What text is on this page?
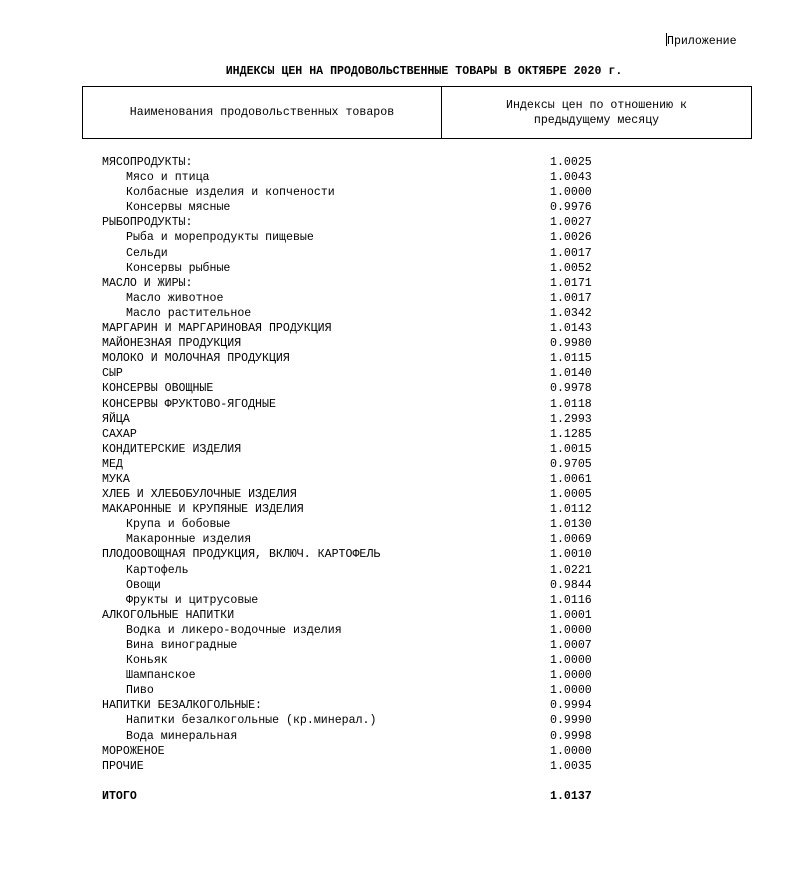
Приложение
ИНДЕКСЫ ЦЕН НА ПРОДОВОЛЬСТВЕННЫЕ ТОВАРЫ В ОКТЯБРЕ 2020 г.
Наименования продовольственных товаров
Индексы цен по отношению к предыдущему месяцу
МЯСОПРОДУКТЫ:	1.0025
Мясо и птица	1.0043
Колбасные изделия и копчености	1.0000
Консервы мясные	0.9976
РЫБОПРОДУКТЫ:	1.0027
Рыба и морепродукты пищевые	1.0026
Сельди	1.0017
Консервы рыбные	1.0052
МАСЛО И ЖИРЫ:	1.0171
Масло животное	1.0017
Масло растительное	1.0342
МАРГАРИН И МАРГАРИНОВАЯ ПРОДУКЦИЯ	1.0143
МАЙОНЕЗНАЯ ПРОДУКЦИЯ	0.9980
МОЛОКО И МОЛОЧНАЯ ПРОДУКЦИЯ	1.0115
СЫР	1.0140
КОНСЕРВЫ ОВОЩНЫЕ	0.9978
КОНСЕРВЫ ФРУКТОВО-ЯГОДНЫЕ	1.0118
ЯЙЦА	1.2993
САХАР	1.1285
КОНДИТЕРСКИЕ ИЗДЕЛИЯ	1.0015
МЕД	0.9705
МУКА	1.0061
ХЛЕБ И ХЛЕБОБУЛОЧНЫЕ ИЗДЕЛИЯ	1.0005
МАКАРОННЫЕ И КРУПЯНЫЕ ИЗДЕЛИЯ	1.0112
Крупа и бобовые	1.0130
Макаронные изделия	1.0069
ПЛОДООВОЩНАЯ ПРОДУКЦИЯ, ВКЛЮЧ. КАРТОФЕЛЬ	1.0010
Картофель	1.0221
Овощи	0.9844
Фрукты и цитрусовые	1.0116
АЛКОГОЛЬНЫЕ НАПИТКИ	1.0001
Водка и ликеро-водочные изделия	1.0000
Вина виноградные	1.0007
Коньяк	1.0000
Шампанское	1.0000
Пиво	1.0000
НАПИТКИ БЕЗАЛКОГОЛЬНЫЕ:	0.9994
Напитки безалкогольные (кр.минерал.)	0.9990
Вода минеральная	0.9998
МОРОЖЕНОЕ	1.0000
ПРОЧИЕ	1.0035
ИТОГО	1.0137
